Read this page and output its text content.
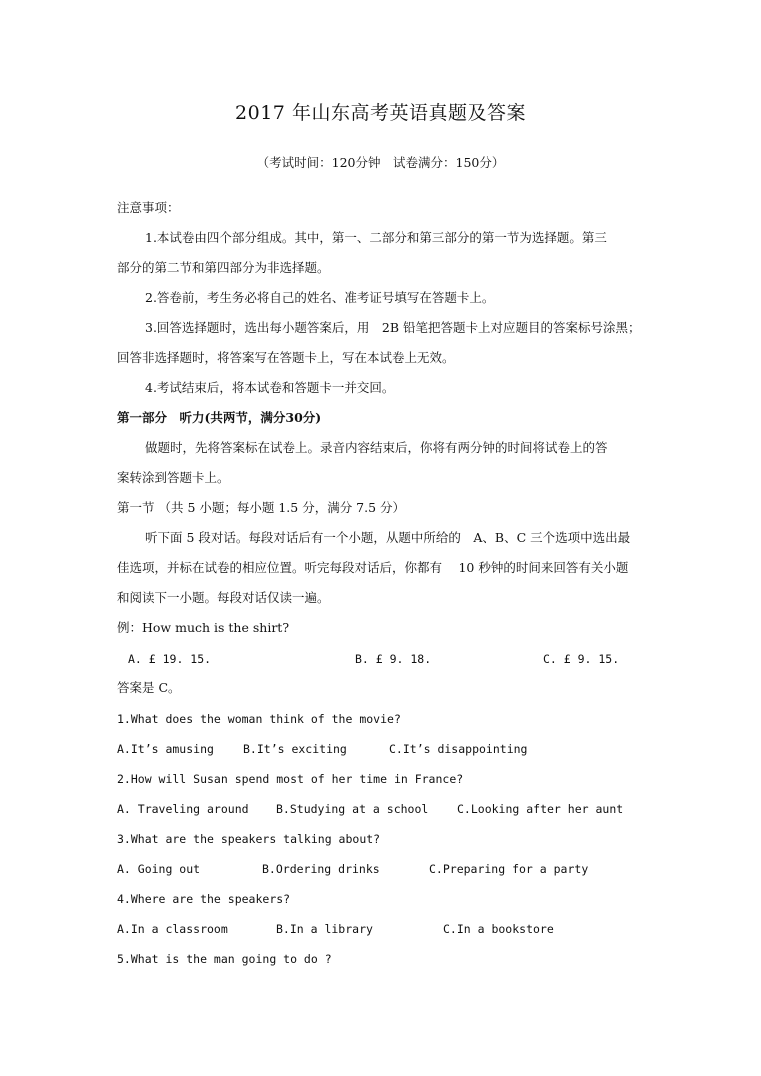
2017 年山东高考英语真题及答案
（考试时间：120分钟　试卷满分：150分）
注意事项：
1.本试卷由四个部分组成。其中，第一、二部分和第三部分的第一节为选择题。第三
部分的第二节和第四部分为非选择题。
2.答卷前，考生务必将自己的姓名、准考证号填写在答题卡上。
3.回答选择题时，选出每小题答案后，用　2B 铅笔把答题卡上对应题目的答案标号涂黑；
回答非选择题时，将答案写在答题卡上，写在本试卷上无效。
4.考试结束后，将本试卷和答题卡一并交回。
第一部分　听力(共两节，满分30分)
做题时，先将答案标在试卷上。录音内容结束后，你将有两分钟的时间将试卷上的答
案转涂到答题卡上。
第一节 （共 5 小题；每小题 1.5 分，满分 7.5 分）
听下面 5 段对话。每段对话后有一个小题，从题中所给的　A、B、C 三个选项中选出最
佳选项，并标在试卷的相应位置。听完每段对话后，你都有　 10 秒钟的时间来回答有关小题
和阅读下一小题。每段对话仅读一遍。
例：How much is the shirt?
A. £ 19. 15.	B. £ 9. 18.	C. £ 9. 15.
答案是 C。
1.What does the woman think of the movie?
A.It’s amusing	B.It’s exciting	C.It’s disappointing
2.How will Susan spend most of her time in France?
A. Traveling around B.Studying at a school C.Looking after her aunt
3.What are the speakers talking about?
A. Going out	B.Ordering drinks	C.Preparing for a party
4.Where are the speakers?
A.In a classroom	B.In a library	C.In a bookstore
5.What is the man going to do ?
